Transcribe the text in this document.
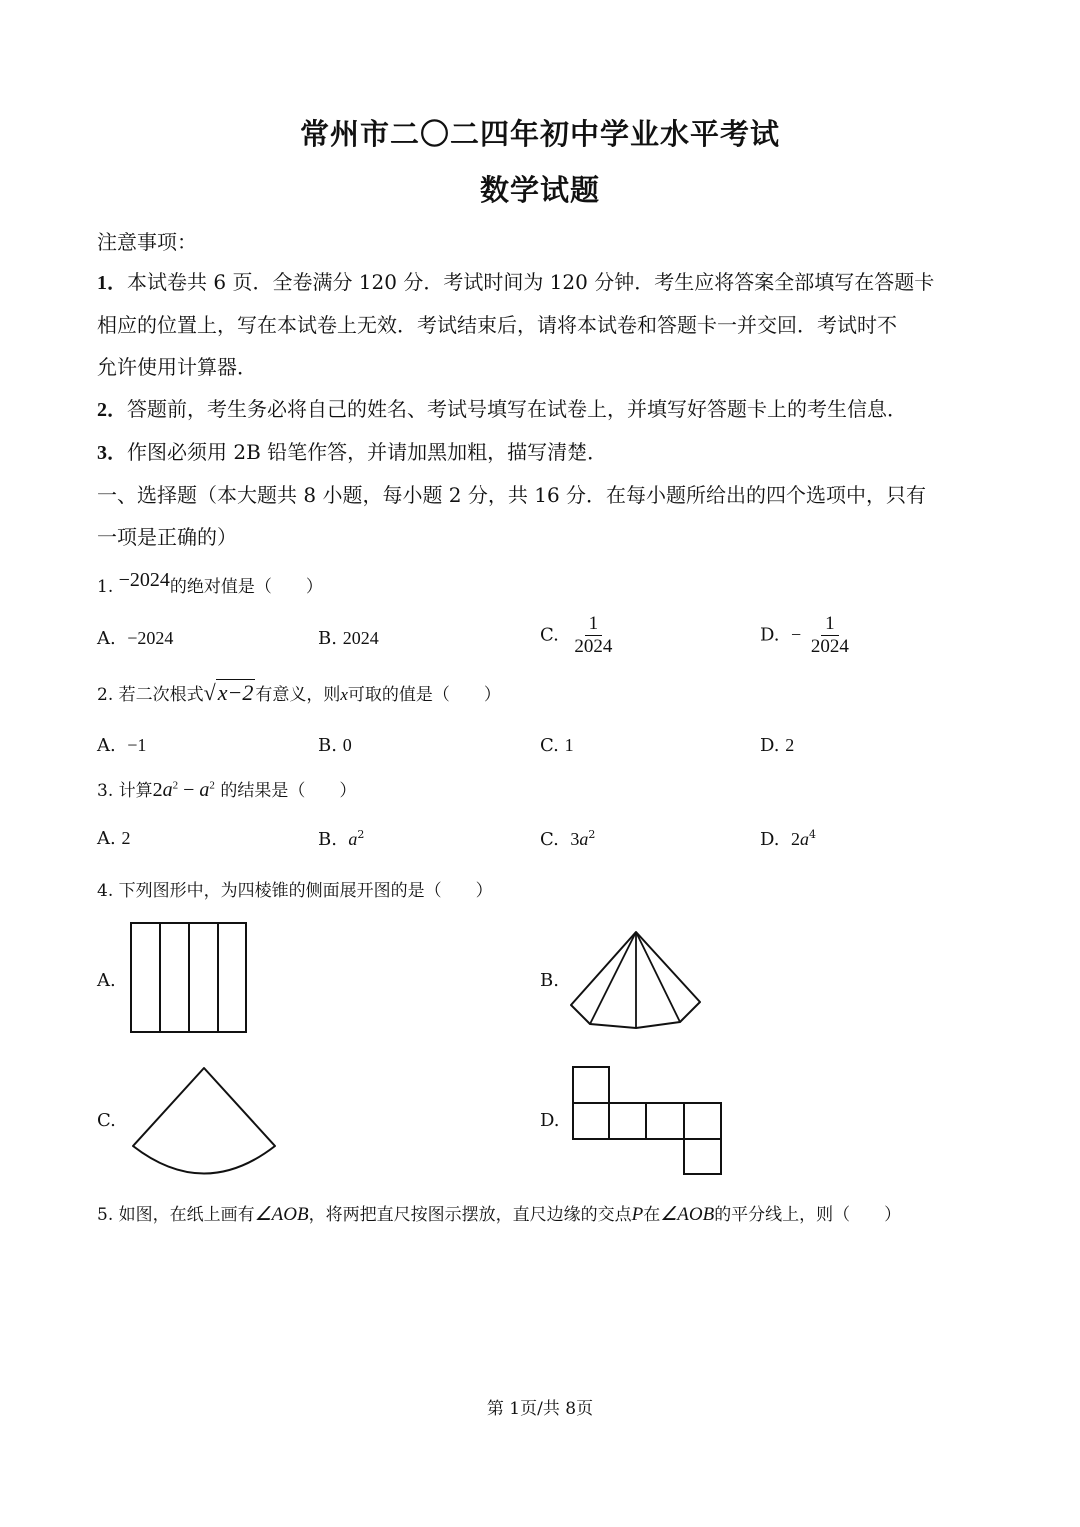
常州市二〇二四年初中学业水平考试
数学试题
注意事项：
1．本试卷共 6 页．全卷满分 120 分．考试时间为 120 分钟．考生应将答案全部填写在答题卡
相应的位置上，写在本试卷上无效．考试结束后，请将本试卷和答题卡一并交回．考试时不
允许使用计算器．
2．答题前，考生务必将自己的姓名、考试号填写在试卷上，并填写好答题卡上的考生信息．
3．作图必须用 2B 铅笔作答，并请加黑加粗，描写清楚．
一、选择题（本大题共 8 小题，每小题 2 分，共 16 分．在每小题所给出的四个选项中，只有
一项是正确的）
1. −2024的绝对值是（　　）
A. −2024	B. 2024	C. $\frac{1}{2024}$	D. − $\frac{1}{2024}$
2. 若二次根式√x−2 有意义，则x可取的值是（　　）
A. −1	B. 0	C. 1	D. 2
3. 计算$2a^2 - a^2$ 的结果是（　　）
A. 2	B. $a^2$	C. $3a^2$	D. $2a^4$
4. 下列图形中，为四棱锥的侧面展开图的是（　　）
A.	B.
C.	D.
5. 如图，在纸上画有∠AOB，将两把直尺按图示摆放，直尺边缘的交点P在∠AOB的平分线上，则（　　）
第 1页/共 8页
